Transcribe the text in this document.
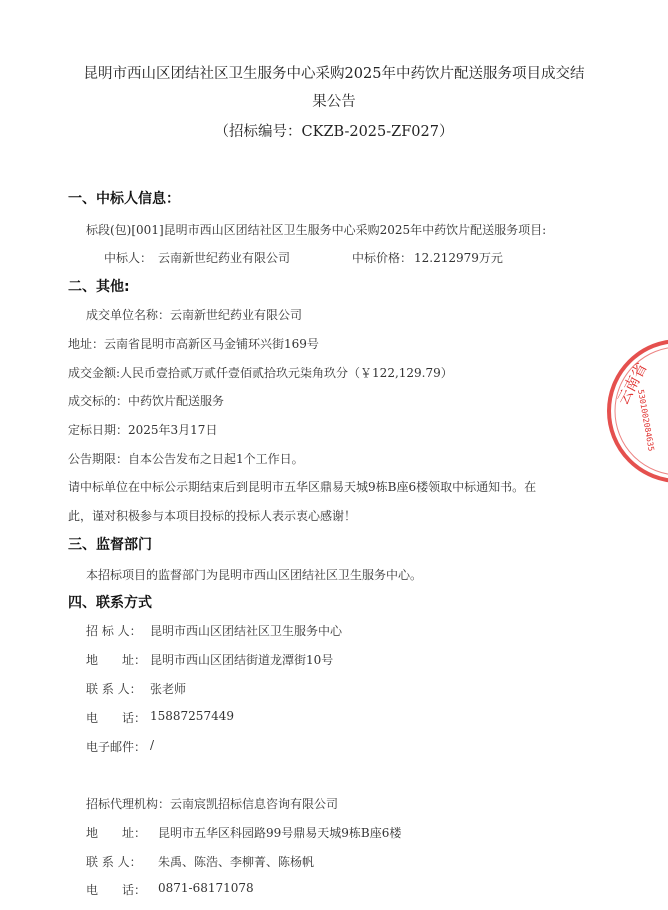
昆明市西山区团结社区卫生服务中心采购2025年中药饮片配送服务项目成交结
果公告
（招标编号：CKZB-2025-ZF027）
一、中标人信息：
标段(包)[001]昆明市西山区团结社区卫生服务中心采购2025年中药饮片配送服务项目:
中标人： 云南新世纪药业有限公司	中标价格： 12.212979万元
二、其他:
成交单位名称：云南新世纪药业有限公司
地址：云南省昆明市高新区马金铺环兴街169号
成交金额:人民币壹拾贰万贰仟壹佰贰拾玖元柒角玖分（￥122,129.79）
成交标的：中药饮片配送服务
定标日期：2025年3月17日
公告期限：自本公告发布之日起1个工作日。
请中标单位在中标公示期结束后到昆明市五华区鼎易天城9栋B座6楼领取中标通知书。在
此，谨对积极参与本项目投标的投标人表示衷心感谢！
三、监督部门
本招标项目的监督部门为昆明市西山区团结社区卫生服务中心。
四、联系方式
招 标 人： 昆明市西山区团结社区卫生服务中心
地　　址： 昆明市西山区团结街道龙潭街10号
联 系 人： 张老师
电　　话： 15887257449
电子邮件： /
招标代理机构：云南宸凯招标信息咨询有限公司
地　　址： 昆明市五华区科园路99号鼎易天城9栋B座6楼
联 系 人： 朱禹、陈浩、李柳菁、陈杨帆
电　　话： 0871-68171078
云南省
5301002084635
